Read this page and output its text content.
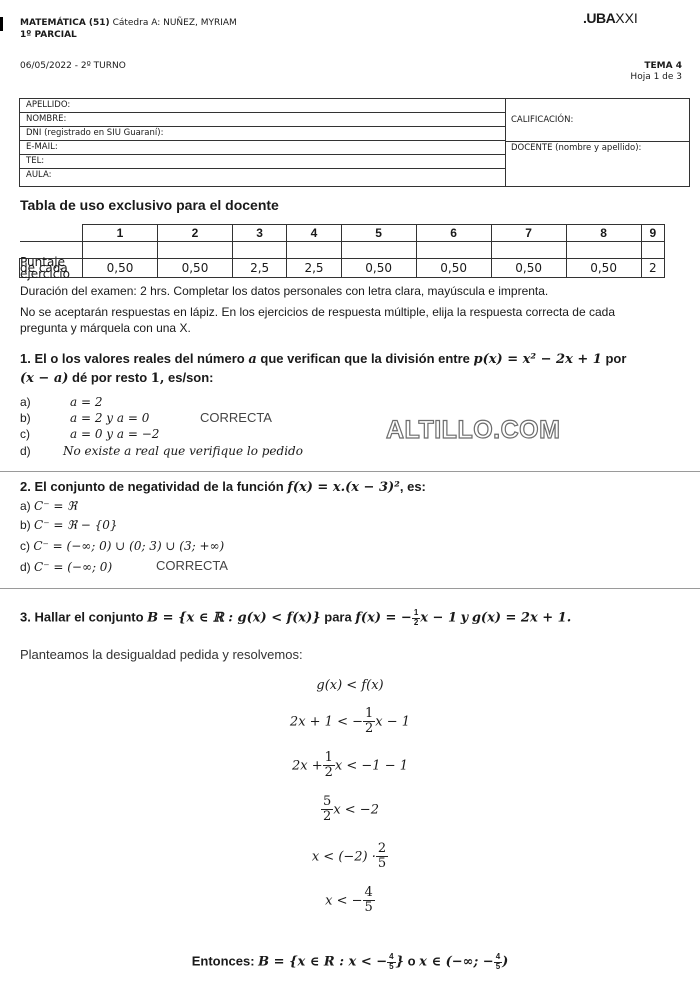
MATEMÁTICA (51) Cátedra A: NUÑEZ, MYRIAM
1º PARCIAL
06/05/2022 - 2º TURNO
.UBAXXI
TEMA 4
Hoja 1 de 3
APELLIDO:
NOMBRE:
DNI (registrado en SIU Guaraní):
E-MAIL:
TEL:
AULA:
CALIFICACIÓN:
DOCENTE (nombre y apellido):
Tabla de uso exclusivo para el docente
	1	2	3	4	5	6	7	8	9

Puntaje de cada ejercicio	0,50	0,50	2,5	2,5	0,50	0,50	0,50	0,50	2
Duración del examen: 2 hrs. Completar los datos personales con letra clara, mayúscula e imprenta.
No se aceptarán respuestas en lápiz. En los ejercicios de respuesta múltiple, elija la respuesta correcta de cada pregunta y márquela con una X.
1. El o los valores reales del número a que verifican que la división entre p(x) = x² − 2x + 1 por
(x − a) dé por resto 1, es/son:
a)	a = 2
b)	a = 2 y a = 0	CORRECTA
c)	a = 0 y a = −2
d)	No existe a real que verifique lo pedido
ALTILLO.COM
2. El conjunto de negatividad de la función f(x) = x.(x − 3)², es:
a) C⁻ = ℜ
b) C⁻ = ℜ − {0}
c) C⁻ = (−∞; 0) ∪ (0; 3) ∪ (3; +∞)
d) C⁻ = (−∞; 0)	CORRECTA
3. Hallar el conjunto B = {x ∈ ℝ : g(x) < f(x)} para f(x) = − $\frac{1}{2}$ x − 1 y g(x) = 2x + 1.
Planteamos la desigualdad pedida y resolvemos:
g(x) < f(x)
2x + 1 < − $\frac{1}{2}$ x − 1
$2x + \frac{1}{2}$ x < −1 − 1
$\frac{5}{2}$ x < −2
$x < (-2) \cdot \frac{2}{5}$
x < − $\frac{4}{5}$
Entonces: B = {x ∈ R : x < − $\frac{4}{5}$ } o x ∈ (−∞; − $\frac{4}{5}$ )
